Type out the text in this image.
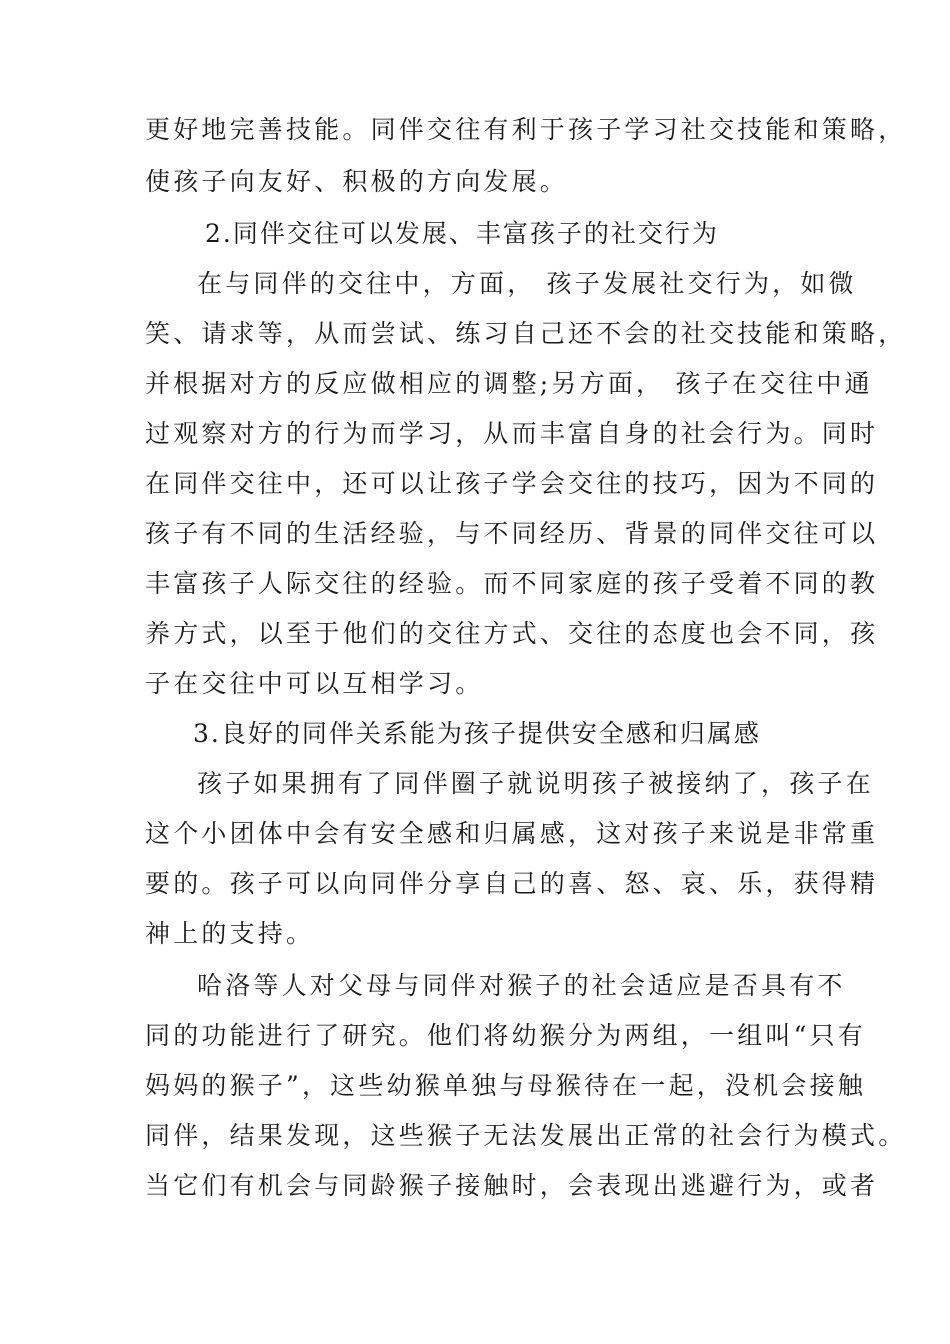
更好地完善技能。同伴交往有利于孩子学习社交技能和策略，
使孩子向友好、积极的方向发展。
2.同伴交往可以发展、丰富孩子的社交行为
在与同伴的交往中，方面， 孩子发展社交行为，如微
笑、请求等，从而尝试、练习自己还不会的社交技能和策略，
并根据对方的反应做相应的调整;另方面， 孩子在交往中通
过观察对方的行为而学习，从而丰富自身的社会行为。同时
在同伴交往中，还可以让孩子学会交往的技巧，因为不同的
孩子有不同的生活经验，与不同经历、背景的同伴交往可以
丰富孩子人际交往的经验。而不同家庭的孩子受着不同的教
养方式，以至于他们的交往方式、交往的态度也会不同，孩
子在交往中可以互相学习。
3.良好的同伴关系能为孩子提供安全感和归属感
孩子如果拥有了同伴圈子就说明孩子被接纳了，孩子在
这个小团体中会有安全感和归属感，这对孩子来说是非常重
要的。孩子可以向同伴分享自己的喜、怒、哀、乐，获得精
神上的支持。
哈洛等人对父母与同伴对猴子的社会适应是否具有不
同的功能进行了研究。他们将幼猴分为两组，一组叫“只有
妈妈的猴子”，这些幼猴单独与母猴待在一起，没机会接触
同伴，结果发现，这些猴子无法发展出正常的社会行为模式。
当它们有机会与同龄猴子接触时，会表现出逃避行为，或者
